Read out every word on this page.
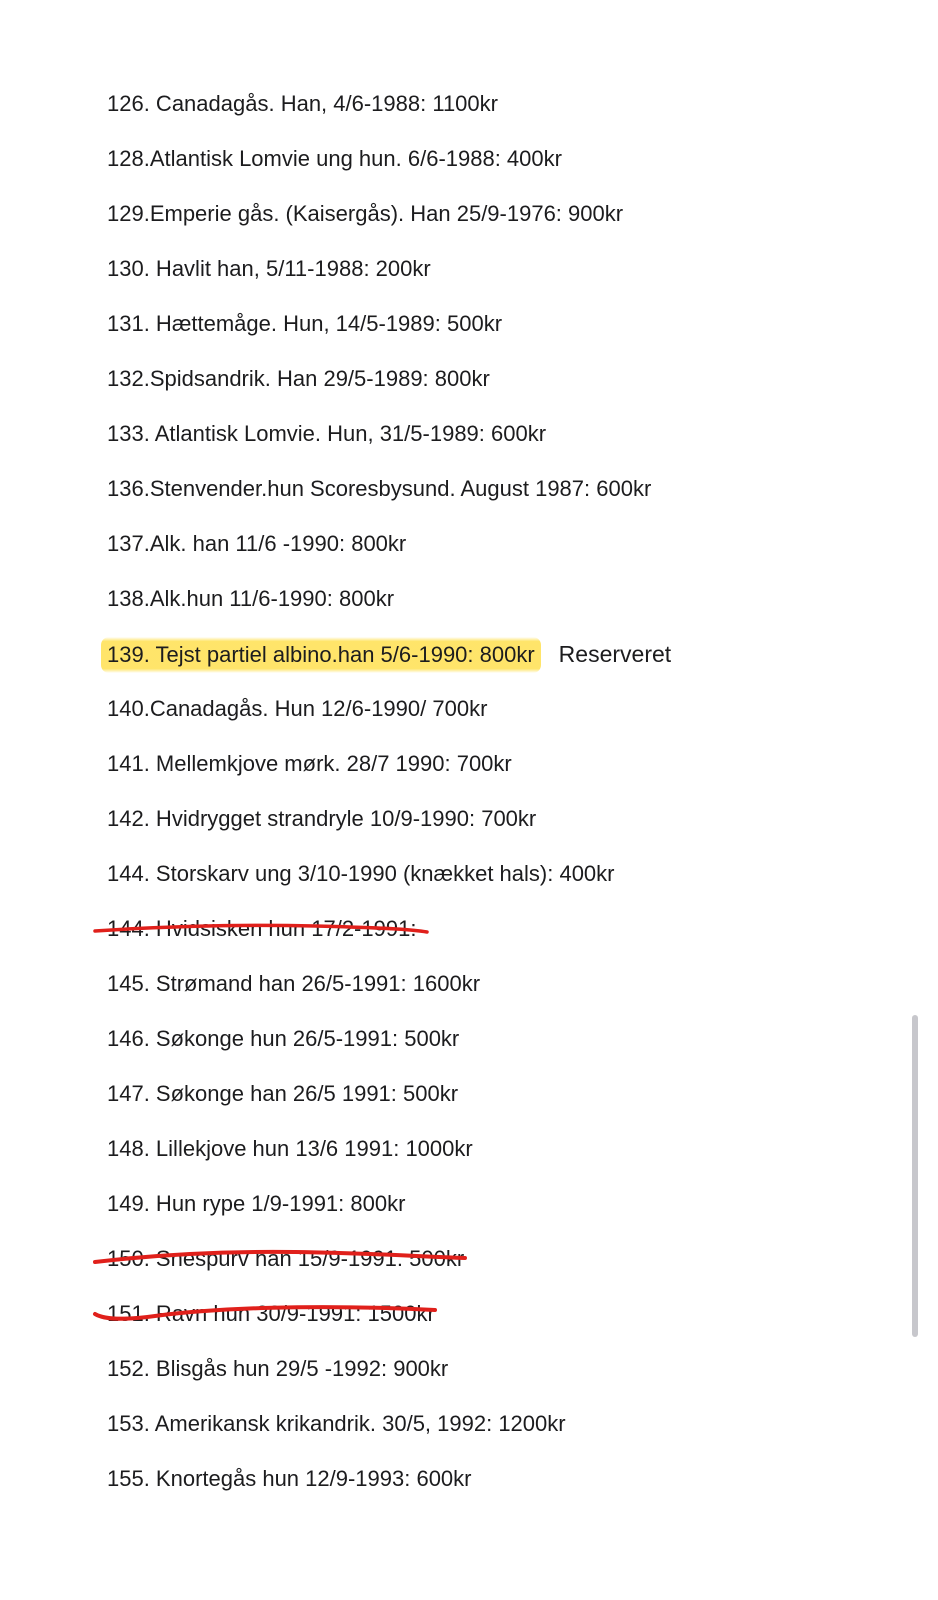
126. Canadagås. Han, 4/6-1988: 1100kr
128.Atlantisk Lomvie ung hun. 6/6-1988: 400kr
129.Emperie gås. (Kaisergås). Han 25/9-1976: 900kr
130. Havlit han, 5/11-1988: 200kr
131. Hættemåge. Hun, 14/5-1989: 500kr
132.Spidsandrik. Han 29/5-1989: 800kr
133. Atlantisk Lomvie. Hun, 31/5-1989: 600kr
136.Stenvender.hun Scoresbysund. August 1987: 600kr
137.Alk. han 11/6 -1990: 800kr
138.Alk.hun 11/6-1990: 800kr
139. Tejst partiel albino.han 5/6-1990: 800kr Reserveret
140.Canadagås. Hun 12/6-1990/ 700kr
141. Mellemkjove mørk. 28/7 1990: 700kr
142. Hvidrygget strandryle 10/9-1990: 700kr
144. Storskarv ung 3/10-1990 (knækket hals): 400kr
144. Hvidsisken hun 17/2-1991:
145. Strømand han 26/5-1991: 1600kr
146. Søkonge hun 26/5-1991: 500kr
147. Søkonge han 26/5 1991: 500kr
148. Lillekjove hun 13/6 1991: 1000kr
149. Hun rype 1/9-1991: 800kr
150. Snespurv han 15/9-1991: 500kr
151. Ravn hun 30/9-1991: 1500kr
152. Blisgås hun 29/5 -1992: 900kr
153. Amerikansk krikandrik. 30/5, 1992: 1200kr
155. Knortegås hun 12/9-1993: 600kr
